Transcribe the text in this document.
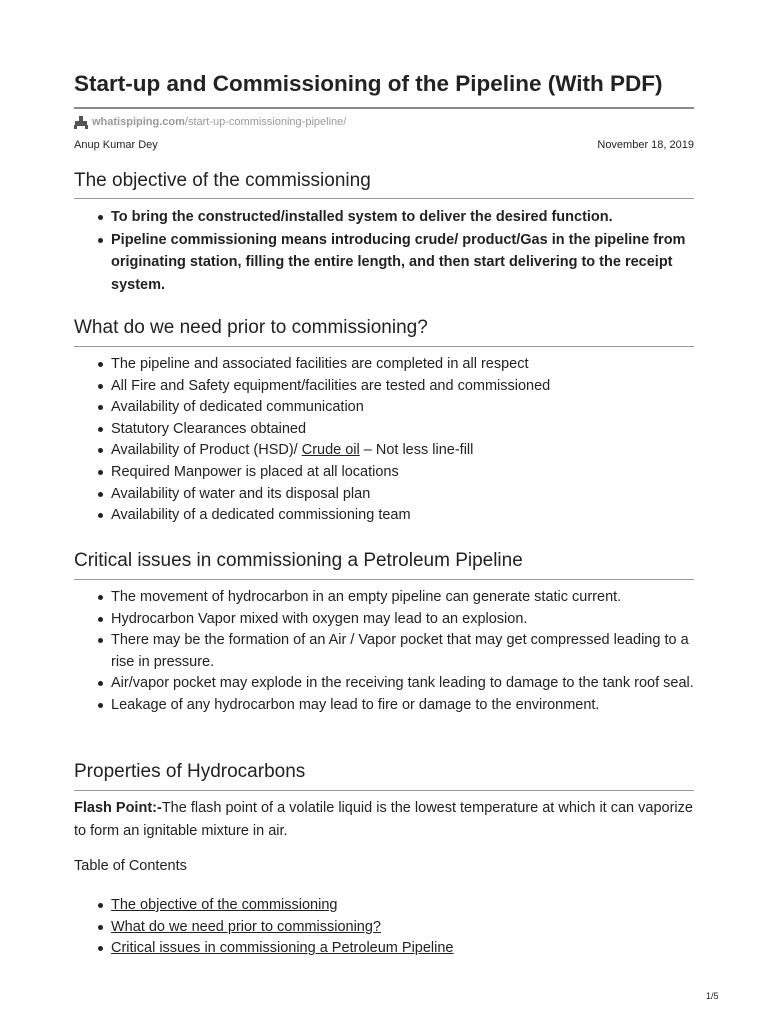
Start-up and Commissioning of the Pipeline (With PDF)
whatispiping.com /start-up-commissioning-pipeline/
Anup Kumar Dey	November 18, 2019
The objective of the commissioning
To bring the constructed/installed system to deliver the desired function.
Pipeline commissioning means introducing crude/ product/Gas in the pipeline from originating station, filling the entire length, and then start delivering to the receipt system.
What do we need prior to commissioning?
The pipeline and associated facilities are completed in all respect
All Fire and Safety equipment/facilities are tested and commissioned
Availability of dedicated communication
Statutory Clearances obtained
Availability of Product (HSD)/ Crude oil – Not less line-fill
Required Manpower is placed at all locations
Availability of water and its disposal plan
Availability of a dedicated commissioning team
Critical issues in commissioning a Petroleum Pipeline
The movement of hydrocarbon in an empty pipeline can generate static current.
Hydrocarbon Vapor mixed with oxygen may lead to an explosion.
There may be the formation of an Air / Vapor pocket that may get compressed leading to a rise in pressure.
Air/vapor pocket may explode in the receiving tank leading to damage to the tank roof seal.
Leakage of any hydrocarbon may lead to fire or damage to the environment.
Properties of Hydrocarbons

Flash Point:-The flash point of a volatile liquid is the lowest temperature at which it can vaporize to form an ignitable mixture in air.

Table of Contents
The objective of the commissioning
What do we need prior to commissioning?
Critical issues in commissioning a Petroleum Pipeline
1/5
